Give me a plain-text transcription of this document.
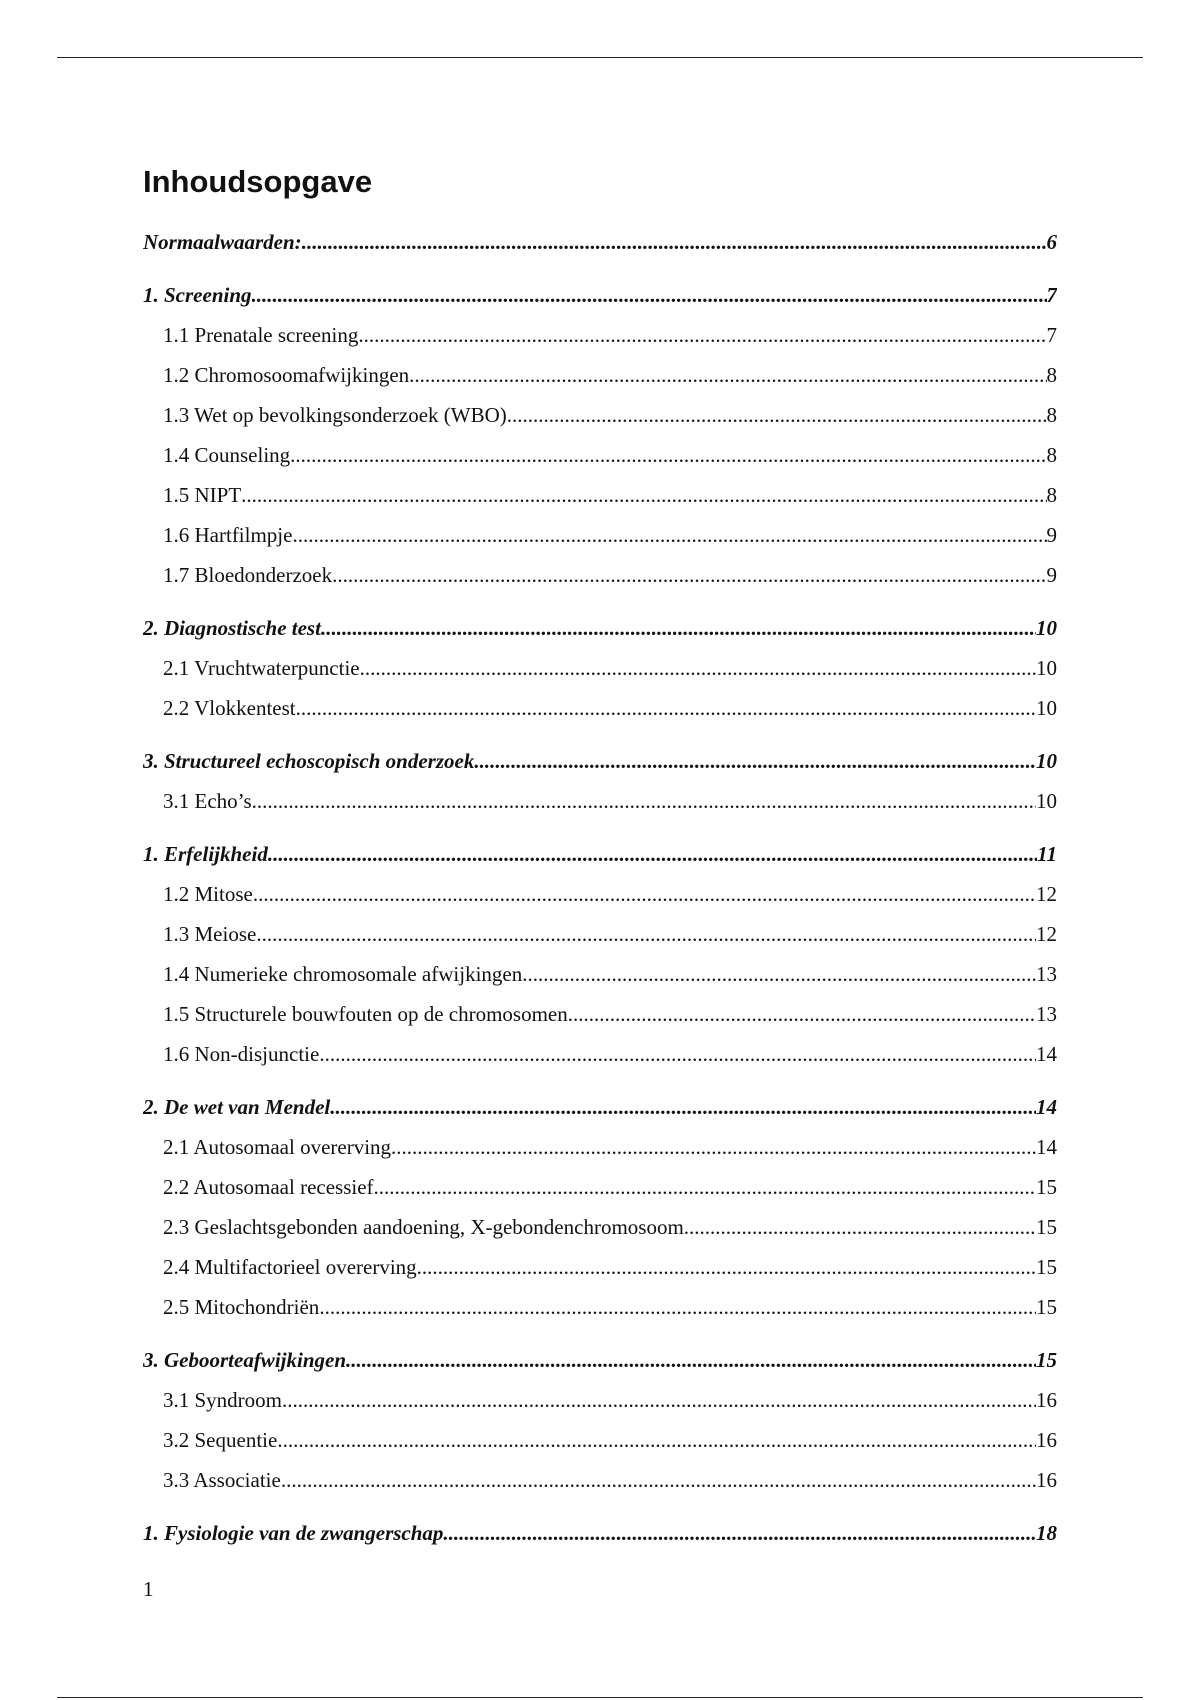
Inhoudsopgave
Normaalwaarden: .....	6
1. Screening .....	7
1.1 Prenatale screening .....	7
1.2 Chromosoomafwijkingen .....	8
1.3 Wet op bevolkingsonderzoek (WBO) .....	8
1.4 Counseling .....	8
1.5 NIPT .....	8
1.6 Hartfilmpje .....	9
1.7 Bloedonderzoek .....	9
2. Diagnostische test .....	10
2.1 Vruchtwaterpunctie .....	10
2.2 Vlokkentest .....	10
3. Structureel echoscopisch onderzoek .....	10
3.1 Echo’s .....	10
1. Erfelijkheid .....	11
1.2 Mitose .....	12
1.3 Meiose .....	12
1.4 Numerieke chromosomale afwijkingen .....	13
1.5 Structurele bouwfouten op de chromosomen .....	13
1.6 Non-disjunctie .....	14
2. De wet van Mendel .....	14
2.1 Autosomaal overerving .....	14
2.2 Autosomaal recessief .....	15
2.3 Geslachtsgebonden aandoening, X-gebondenchromosoom .....	15
2.4 Multifactorieel overerving .....	15
2.5 Mitochondriën .....	15
3. Geboorteafwijkingen .....	15
3.1 Syndroom .....	16
3.2 Sequentie .....	16
3.3 Associatie .....	16
1. Fysiologie van de zwangerschap .....	18
1
